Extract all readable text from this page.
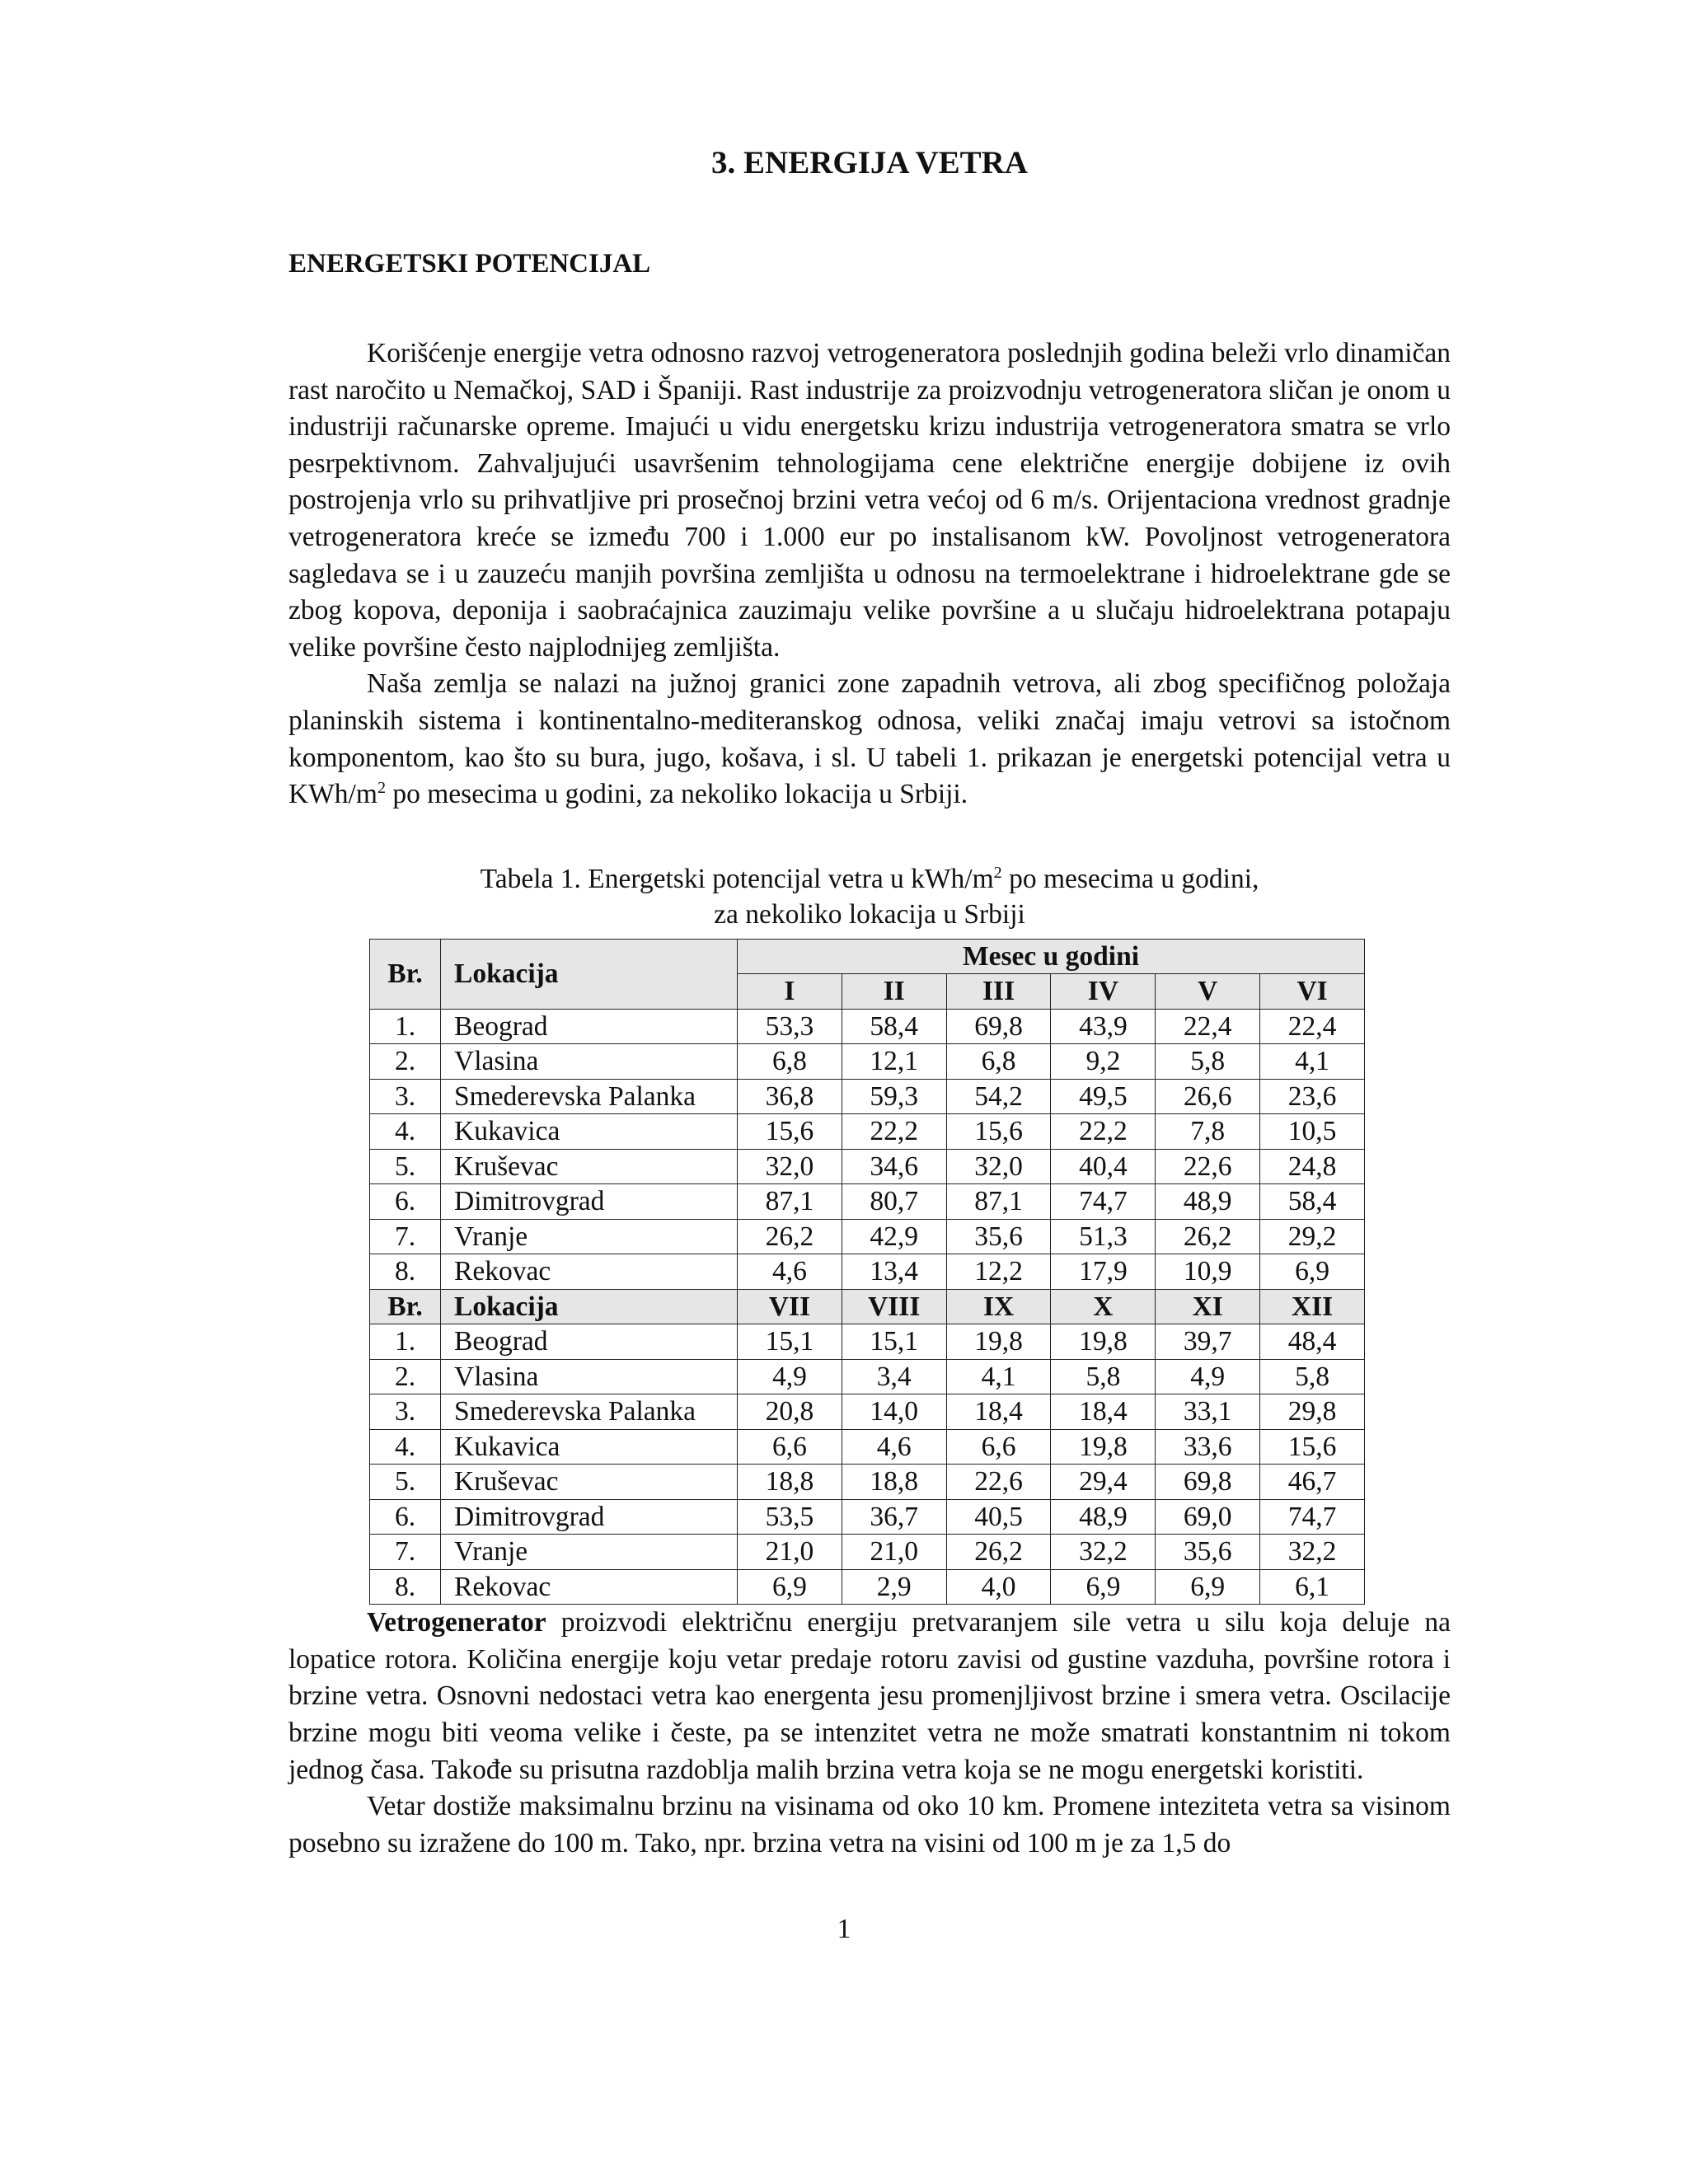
3. ENERGIJA VETRA
ENERGETSKI POTENCIJAL

Korišćenje energije vetra odnosno razvoj vetrogeneratora poslednjih godina beleži vrlo dinamičan rast naročito u Nemačkoj, SAD i Španiji. Rast industrije za proizvodnju vetrogeneratora sličan je onom u industriji računarske opreme. Imajući u vidu energetsku krizu industrija vetrogeneratora smatra se vrlo pesrpektivnom. Zahvaljujući usavršenim tehnologijama cene električne energije dobijene iz ovih postrojenja vrlo su prihvatljive pri prosečnoj brzini vetra većoj od 6 m/s. Orijentaciona vrednost gradnje vetrogeneratora kreće se između 700 i 1.000 eur po instalisanom kW. Povoljnost vetrogeneratora sagledava se i u zauzeću manjih površina zemljišta u odnosu na termoelektrane i hidroelektrane gde se zbog kopova, deponija i saobraćajnica zauzimaju velike površine a u slučaju hidroelektrana potapaju velike površine često najplodnijeg zemljišta.

Naša zemlja se nalazi na južnoj granici zone zapadnih vetrova, ali zbog specifičnog položaja planinskih sistema i kontinentalno-mediteranskog odnosa, veliki značaj imaju vetrovi sa istočnom komponentom, kao što su bura, jugo, košava, i sl. U tabeli 1. prikazan je energetski potencijal vetra u KWh/$m^2$ po mesecima u godini, za nekoliko lokacija u Srbiji.

Tabela 1. Energetski potencijal vetra u kWh/$m^2$ po mesecima u godini,
za nekoliko lokacija u Srbiji
Br.	Lokacija	Mesec u godini					
		I	II	III	IV	V	VI
1.	Beograd	53,3	58,4	69,8	43,9	22,4	22,4
2.	Vlasina	6,8	12,1	6,8	9,2	5,8	4,1
3.	Smederevska Palanka	36,8	59,3	54,2	49,5	26,6	23,6
4.	Kukavica	15,6	22,2	15,6	22,2	7,8	10,5
5.	Kruševac	32,0	34,6	32,0	40,4	22,6	24,8
6.	Dimitrovgrad	87,1	80,7	87,1	74,7	48,9	58,4
7.	Vranje	26,2	42,9	35,6	51,3	26,2	29,2
8.	Rekovac	4,6	13,4	12,2	17,9	10,9	6,9
Br.	Lokacija	VII	VIII	IX	X	XI	XII
1.	Beograd	15,1	15,1	19,8	19,8	39,7	48,4
2.	Vlasina	4,9	3,4	4,1	5,8	4,9	5,8
3.	Smederevska Palanka	20,8	14,0	18,4	18,4	33,1	29,8
4.	Kukavica	6,6	4,6	6,6	19,8	33,6	15,6
5.	Kruševac	18,8	18,8	22,6	29,4	69,8	46,7
6.	Dimitrovgrad	53,5	36,7	40,5	48,9	69,0	74,7
7.	Vranje	21,0	21,0	26,2	32,2	35,6	32,2
8.	Rekovac	6,9	2,9	4,0	6,9	6,9	6,1

Vetrogenerator proizvodi električnu energiju pretvaranjem sile vetra u silu koja deluje na lopatice rotora. Količina energije koju vetar predaje rotoru zavisi od gustine vazduha, površine rotora i brzine vetra. Osnovni nedostaci vetra kao energenta jesu promenjljivost brzine i smera vetra. Oscilacije brzine mogu biti veoma velike i česte, pa se intenzitet vetra ne može smatrati konstantnim ni tokom jednog časa. Takođe su prisutna razdoblja malih brzina vetra koja se ne mogu energetski koristiti.

Vetar dostiže maksimalnu brzinu na visinama od oko 10 km. Promene inteziteta vetra sa visinom posebno su izražene do 100 m. Tako, npr. brzina vetra na visini od 100 m je za 1,5 do

1
